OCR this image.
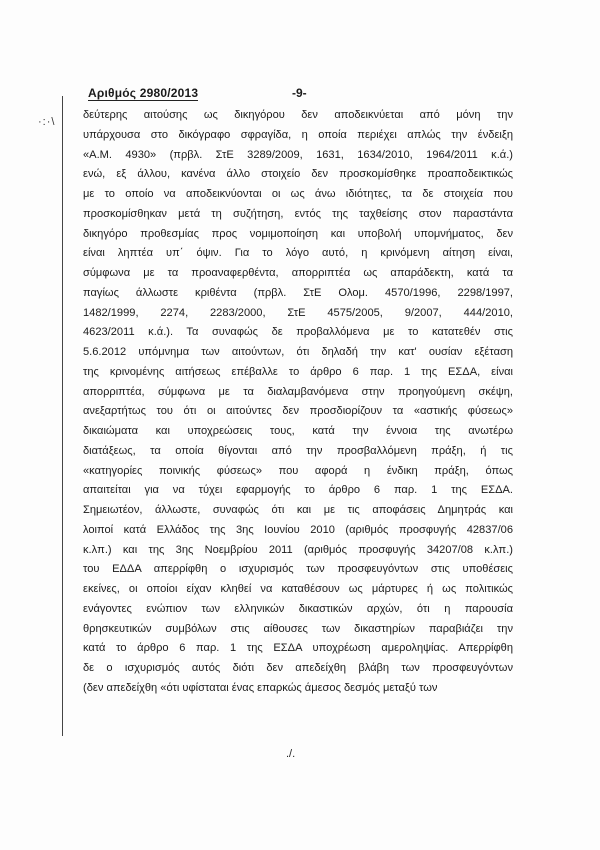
Αριθμός 2980/2013	-9-
·:·\
δεύτερης αιτούσης ως δικηγόρου δεν αποδεικνύεται από μόνη την
υπάρχουσα στο δικόγραφο σφραγίδα, η οποία περιέχει απλώς την ένδειξη
«Α.Μ. 4930» (πρβλ. ΣτΕ 3289/2009, 1631, 1634/2010, 1964/2011 κ.ά.)
ενώ, εξ άλλου, κανένα άλλο στοιχείο δεν προσκομίσθηκε προαποδεικτικώς
με το οποίο να αποδεικνύονται οι ως άνω ιδιότητες, τα δε στοιχεία που
προσκομίσθηκαν μετά τη συζήτηση, εντός της ταχθείσης στον παραστάντα
δικηγόρο προθεσμίας προς νομιμοποίηση και υποβολή υπομνήματος, δεν
είναι ληπτέα υπ΄ όψιν. Για το λόγο αυτό, η κρινόμενη αίτηση είναι,
σύμφωνα με τα προαναφερθέντα, απορριπτέα ως απαράδεκτη, κατά τα
παγίως άλλωστε κριθέντα (πρβλ. ΣτΕ Ολομ. 4570/1996, 2298/1997,
1482/1999, 2274, 2283/2000, ΣτΕ 4575/2005, 9/2007, 444/2010,
4623/2011 κ.ά.). Τα συναφώς δε προβαλλόμενα με το κατατεθέν στις
5.6.2012 υπόμνημα των αιτούντων, ότι δηλαδή την κατ' ουσίαν εξέταση
της κρινομένης αιτήσεως επέβαλλε το άρθρο 6 παρ. 1 της ΕΣΔΑ, είναι
απορριπτέα, σύμφωνα με τα διαλαμβανόμενα στην προηγούμενη σκέψη,
ανεξαρτήτως του ότι οι αιτούντες δεν προσδιορίζουν τα «αστικής φύσεως»
δικαιώματα και υποχρεώσεις τους, κατά την έννοια της ανωτέρω
διατάξεως, τα οποία θίγονται από την προσβαλλόμενη πράξη, ή τις
«κατηγορίες ποινικής φύσεως» που αφορά η ένδικη πράξη, όπως
απαιτείται για να τύχει εφαρμογής το άρθρο 6 παρ. 1 της ΕΣΔΑ.
Σημειωτέον, άλλωστε, συναφώς ότι και με τις αποφάσεις Δημητράς και
λοιποί κατά Ελλάδος της 3ης Ιουνίου 2010 (αριθμός προσφυγής 42837/06
κ.λπ.) και της 3ης Νοεμβρίου 2011 (αριθμός προσφυγής 34207/08 κ.λπ.)
του ΕΔΔΑ απερρίφθη ο ισχυρισμός των προσφευγόντων στις υποθέσεις
εκείνες, οι οποίοι είχαν κληθεί να καταθέσουν ως μάρτυρες ή ως πολιτικώς
ενάγοντες ενώπιον των ελληνικών δικαστικών αρχών, ότι η παρουσία
θρησκευτικών συμβόλων στις αίθουσες των δικαστηρίων παραβιάζει την
κατά το άρθρο 6 παρ. 1 της ΕΣΔΑ υποχρέωση αμεροληψίας. Απερρίφθη
δε ο ισχυρισμός αυτός διότι δεν απεδείχθη βλάβη των προσφευγόντων
(δεν απεδείχθη «ότι υφίσταται ένας επαρκώς άμεσος δεσμός μεταξύ των
./.
